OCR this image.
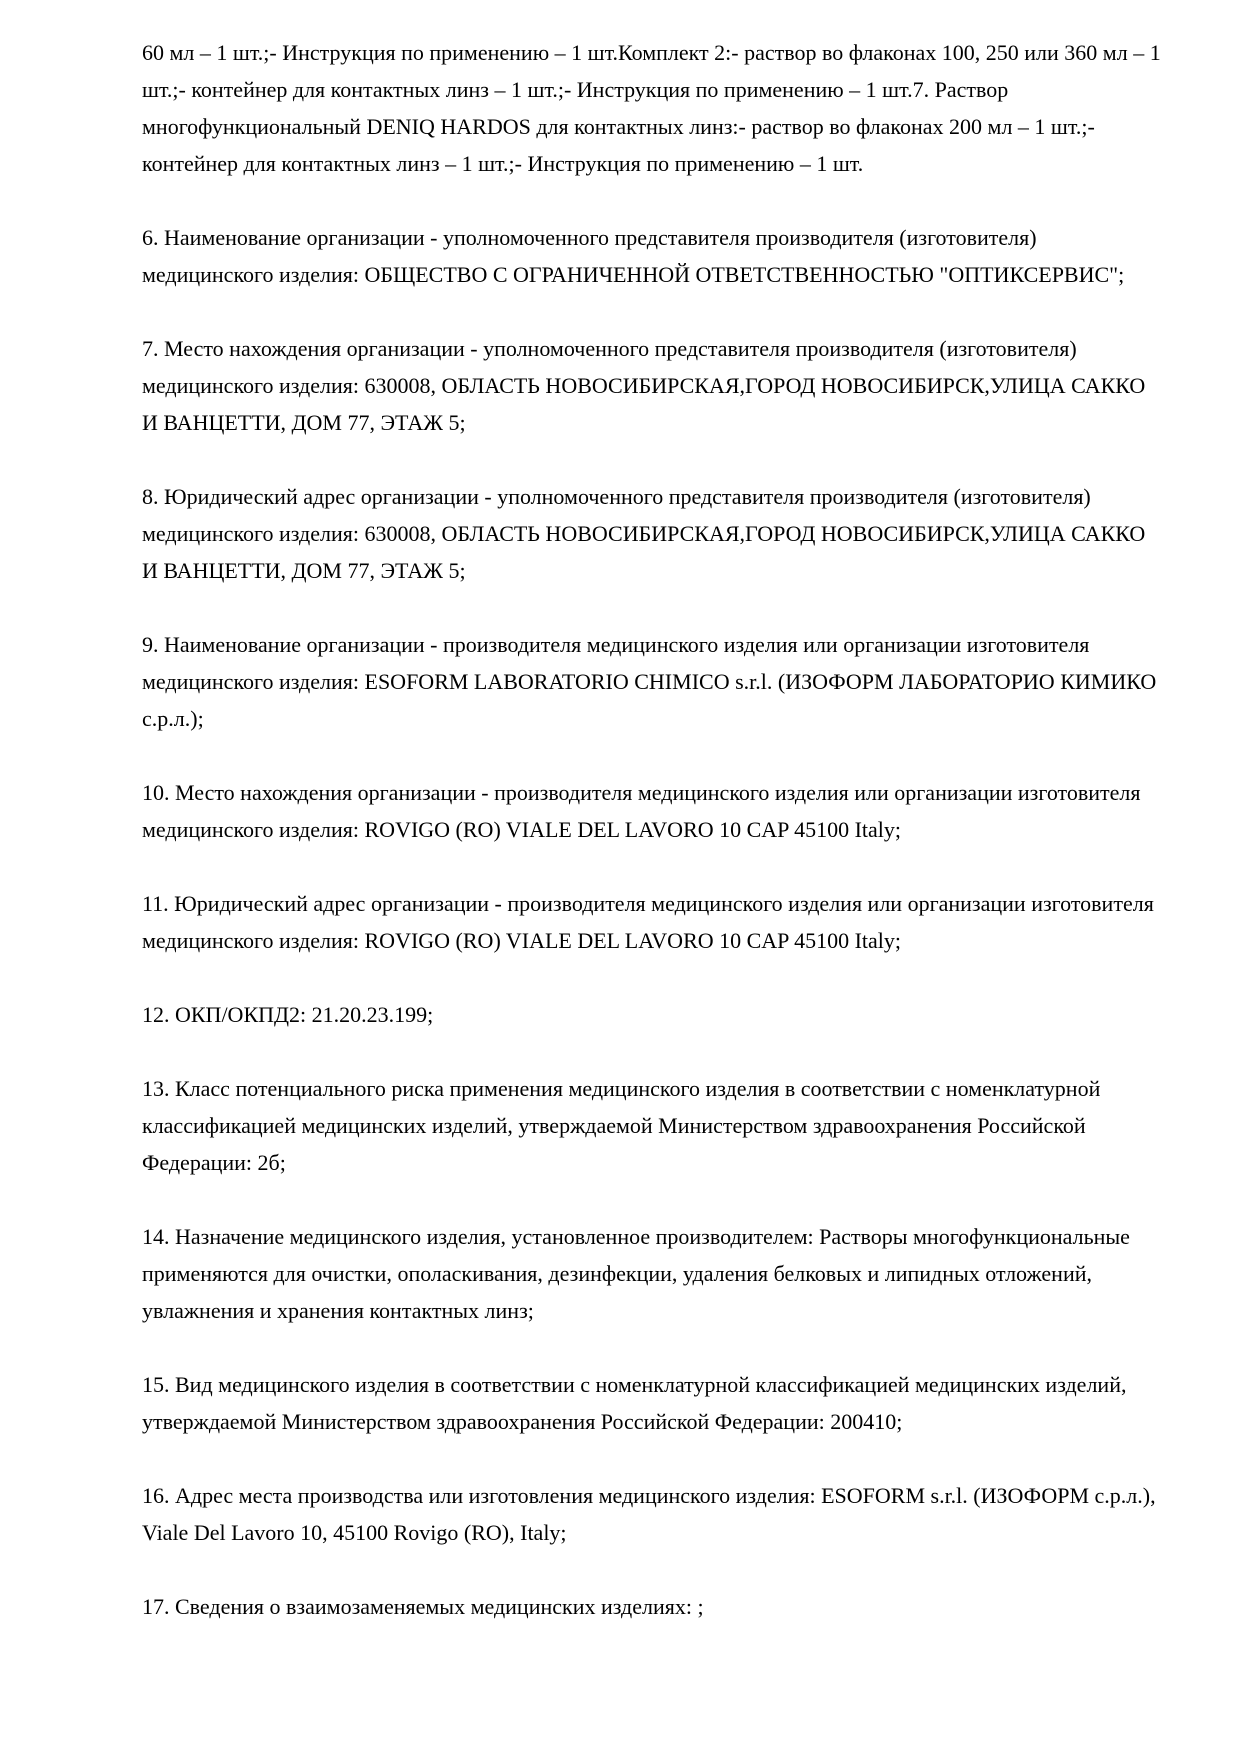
60 мл – 1 шт.;- Инструкция по применению – 1 шт.Комплект 2:- раствор во флаконах 100, 250 или 360 мл – 1 шт.;- контейнер для контактных линз – 1 шт.;- Инструкция по применению – 1 шт.7. Раствор многофункциональный DENIQ HARDOS для контактных линз:- раствор во флаконах 200 мл – 1 шт.;- контейнер для контактных линз – 1 шт.;- Инструкция по применению – 1 шт.

6. Наименование организации - уполномоченного представителя производителя (изготовителя) медицинского изделия: ОБЩЕСТВО С ОГРАНИЧЕННОЙ ОТВЕТСТВЕННОСТЬЮ "ОПТИКСЕРВИС";

7. Место нахождения организации - уполномоченного представителя производителя (изготовителя) медицинского изделия: 630008, ОБЛАСТЬ НОВОСИБИРСКАЯ,ГОРОД НОВОСИБИРСК,УЛИЦА САККО И ВАНЦЕТТИ, ДОМ 77, ЭТАЖ 5;

8. Юридический адрес организации - уполномоченного представителя производителя (изготовителя) медицинского изделия: 630008, ОБЛАСТЬ НОВОСИБИРСКАЯ,ГОРОД НОВОСИБИРСК,УЛИЦА САККО И ВАНЦЕТТИ, ДОМ 77, ЭТАЖ 5;

9. Наименование организации - производителя медицинского изделия или организации изготовителя медицинского изделия: ESOFORM LABORATORIO CHIMICO s.r.l. (ИЗОФОРМ ЛАБОРАТОРИО КИМИКО с.р.л.);

10. Место нахождения организации - производителя медицинского изделия или организации изготовителя медицинского изделия: ROVIGO (RO) VIALE DEL LAVORO 10 CAP 45100 Italy;

11. Юридический адрес организации - производителя медицинского изделия или организации изготовителя медицинского изделия: ROVIGO (RO) VIALE DEL LAVORO 10 CAP 45100 Italy;

12. ОКП/ОКПД2: 21.20.23.199;

13. Класс потенциального риска применения медицинского изделия в соответствии с номенклатурной классификацией медицинских изделий, утверждаемой Министерством здравоохранения Российской Федерации: 2б;

14. Назначение медицинского изделия, установленное производителем: Растворы многофункциональные применяются для очистки, ополаскивания, дезинфекции, удаления белковых и липидных отложений, увлажнения и хранения контактных линз;

15. Вид медицинского изделия в соответствии с номенклатурной классификацией медицинских изделий, утверждаемой Министерством здравоохранения Российской Федерации: 200410;

16. Адрес места производства или изготовления медицинского изделия: ESOFORM s.r.l. (ИЗОФОРМ с.р.л.), Viale Del Lavoro 10, 45100 Rovigo (RO), Italy;

17. Сведения о взаимозаменяемых медицинских изделиях: ;
